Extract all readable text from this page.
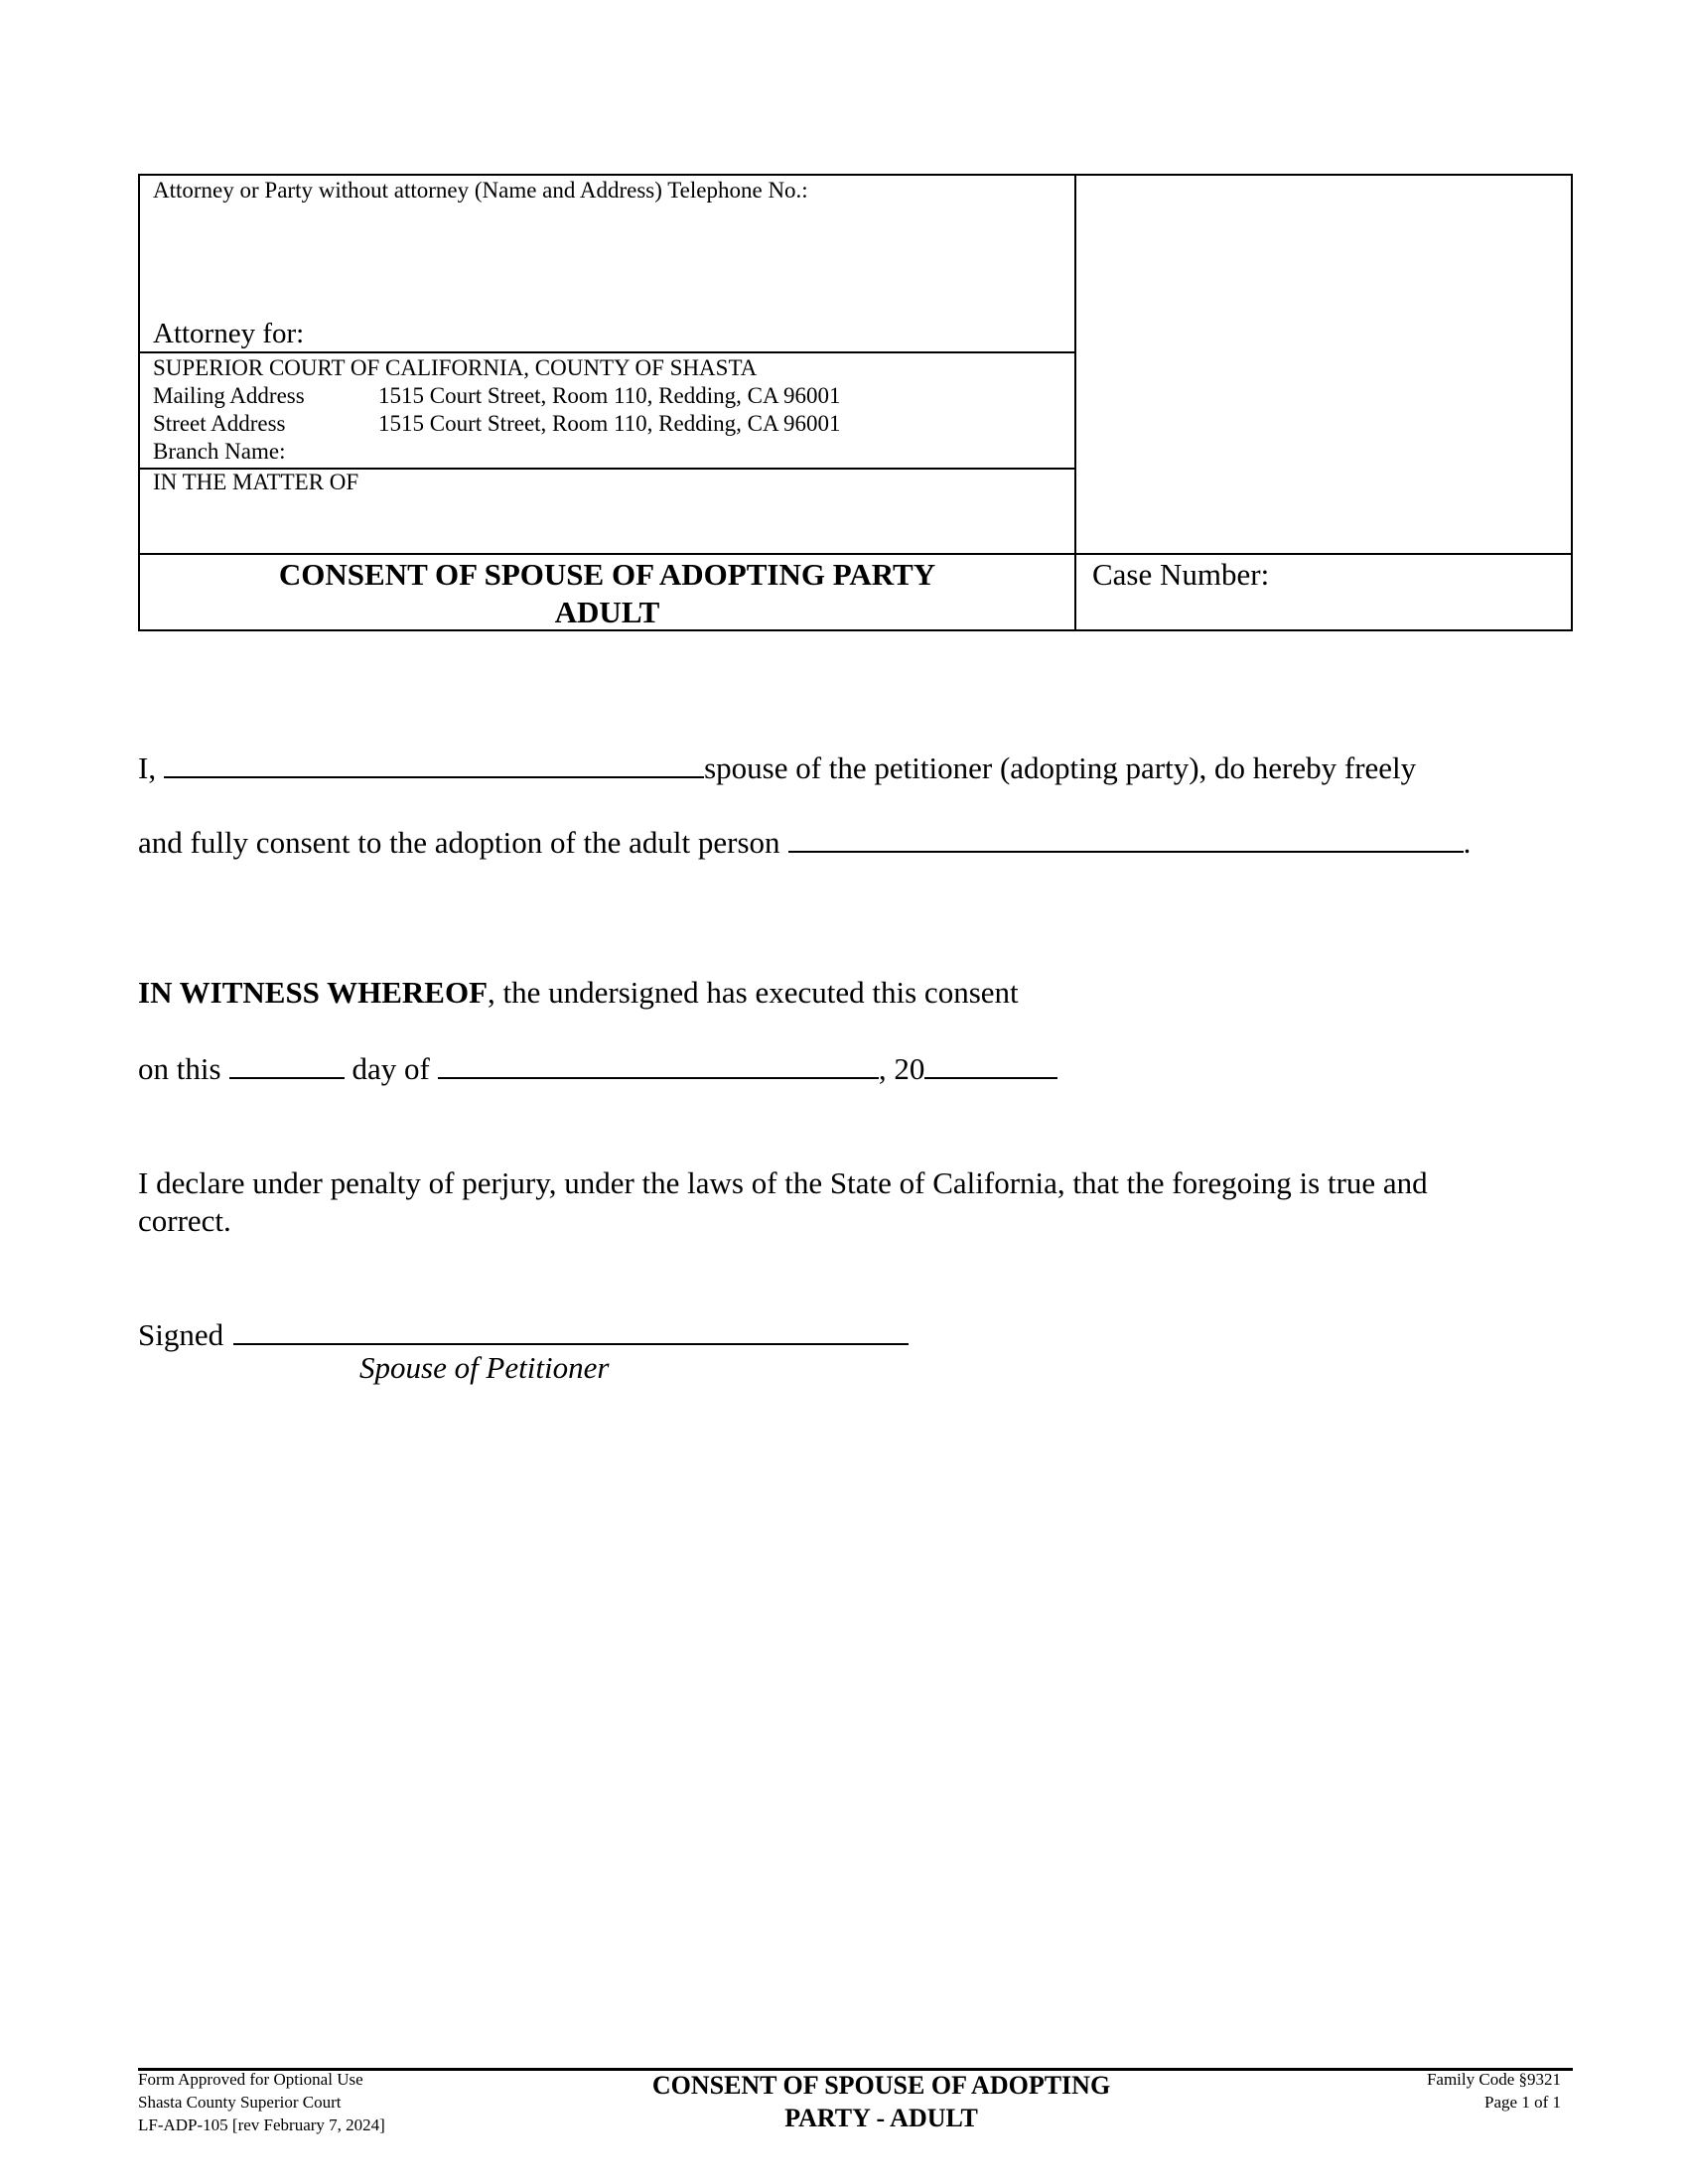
Attorney or Party without attorney (Name and Address) Telephone No.:
Attorney for:
SUPERIOR COURT OF CALIFORNIA, COUNTY OF SHASTA
Mailing Address	1515 Court Street, Room 110, Redding, CA 96001
Street Address	1515 Court Street, Room 110, Redding, CA 96001
Branch Name:
IN THE MATTER OF
CONSENT OF SPOUSE OF ADOPTING PARTY
ADULT
Case Number:
I,	spouse of the petitioner (adopting party), do hereby freely
and fully consent to the adoption of the adult person	.
IN WITNESS WHEREOF, the undersigned has executed this consent
on this	day of	, 20
I declare under penalty of perjury, under the laws of the State of California, that the foregoing is true and
correct.
Signed
Spouse of Petitioner
Form Approved for Optional Use
Shasta County Superior Court
LF-ADP-105 [rev February 7, 2024]
CONSENT OF SPOUSE OF ADOPTING
PARTY - ADULT
Family Code §9321
Page 1 of 1
